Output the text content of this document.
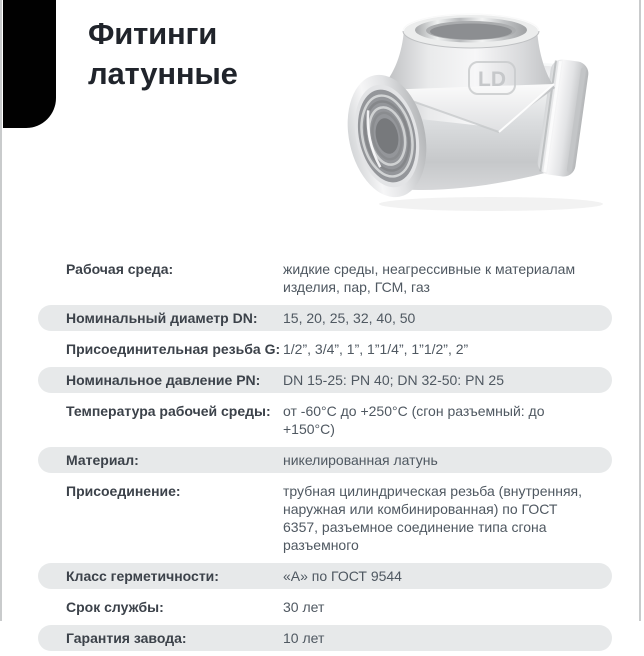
Фитинги латунные	LD
Рабочая среда:	жидкие среды, неагрессивные к материалам изделия, пар, ГСМ, газ
Номинальный диаметр DN:	15, 20, 25, 32, 40, 50
Присоединительная резьба G: 1/2”, 3/4”, 1”, 1”1/4”, 1”1/2”, 2”
Номинальное давление PN:	DN 15-25: PN 40; DN 32-50: PN 25
Температура рабочей среды: от -60°С до +250°С (сгон разъемный: до +150°С)
Материал:	никелированная латунь
Присоединение:	трубная цилиндрическая резьба (внутренняя, наружная или комбинированная) по ГОСТ 6357, разъемное соединение типа сгона разъемного
Класс герметичности:	«А» по ГОСТ 9544
Срок службы:	30 лет
Гарантия завода:	10 лет
